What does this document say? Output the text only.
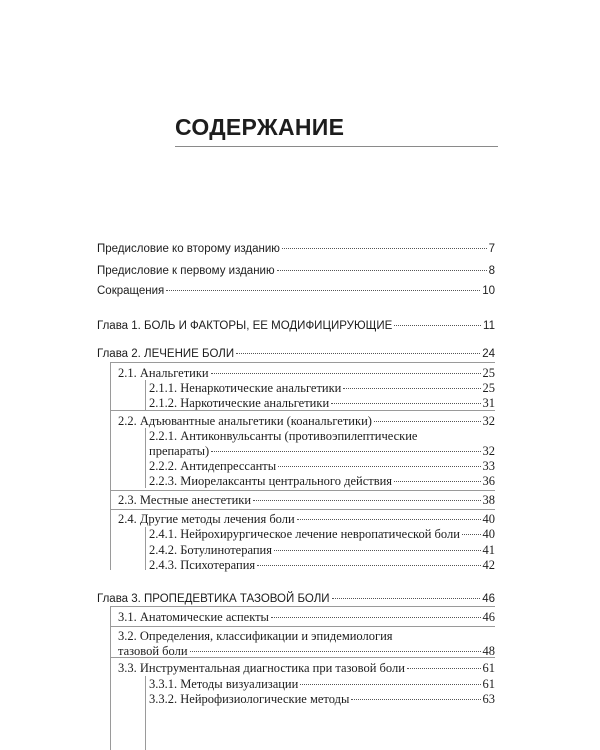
СОДЕРЖАНИЕ
Предисловие ко второму изданию	7
Предисловие к первому изданию	8
Сокращения	10
Глава 1. БОЛЬ И ФАКТОРЫ, ЕЕ МОДИФИЦИРУЮЩИЕ	11
Глава 2. ЛЕЧЕНИЕ БОЛИ	24
2.1. Анальгетики	25
2.1.1. Ненаркотические анальгетики	25
2.1.2. Наркотические анальгетики	31
2.2. Адъювантные анальгетики (коанальгетики)	32
2.2.1. Антиконвульсанты (противоэпилептические
препараты)	32
2.2.2. Антидепрессанты	33
2.2.3. Миорелаксанты центрального действия	36
2.3. Местные анестетики	38
2.4. Другие методы лечения боли	40
2.4.1. Нейрохирургическое лечение невропатической боли 40
2.4.2. Ботулинотерапия	41
2.4.3. Психотерапия	42
Глава 3. ПРОПЕДЕВТИКА ТАЗОВОЙ БОЛИ	46
3.1. Анатомические аспекты	46
3.2. Определения, классификации и эпидемиология
тазовой боли	48
3.3. Инструментальная диагностика при тазовой боли	61
3.3.1. Методы визуализации	61
3.3.2. Нейрофизиологические методы	63
